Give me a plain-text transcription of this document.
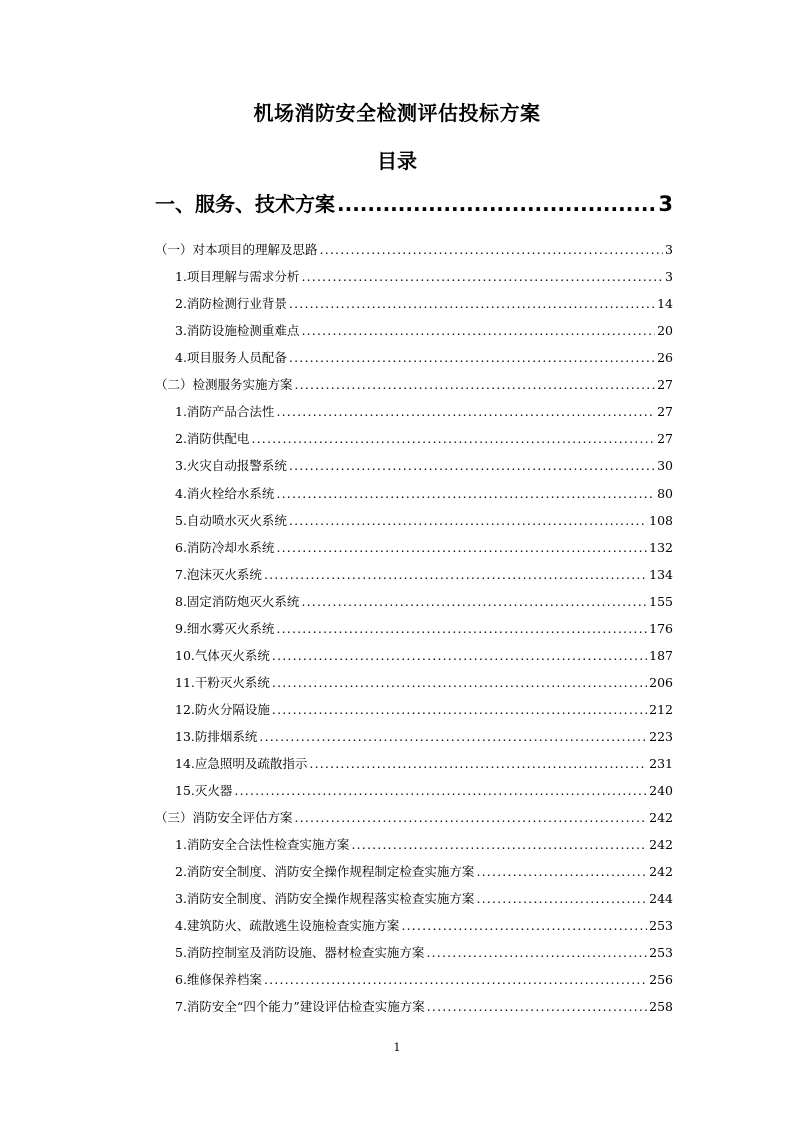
机场消防安全检测评估投标方案
目录
一、服务、技术方案 .....	3
（一）对本项目的理解及思路 .....	3
1.项目理解与需求分析 .....	3
2.消防检测行业背景 .....	14
3.消防设施检测重难点 .....	20
4.项目服务人员配备 .....	26
（二）检测服务实施方案 .....	27
1.消防产品合法性 .....	27
2.消防供配电 .....	27
3.火灾自动报警系统 .....	30
4.消火栓给水系统 .....	80
5.自动喷水灭火系统 .....	108
6.消防冷却水系统 .....	132
7.泡沫灭火系统 .....	134
8.固定消防炮灭火系统 .....	155
9.细水雾灭火系统 .....	176
10.气体灭火系统 .....	187
11.干粉灭火系统 .....	206
12.防火分隔设施 .....	212
13.防排烟系统 .....	223
14.应急照明及疏散指示 .....	231
15.灭火器 .....	240
（三）消防安全评估方案 .....	242
1.消防安全合法性检查实施方案 .....	242
2.消防安全制度、消防安全操作规程制定检查实施方案 .....	242
3.消防安全制度、消防安全操作规程落实检查实施方案 .....	244
4.建筑防火、疏散逃生设施检查实施方案 .....	253
5.消防控制室及消防设施、器材检查实施方案 .....	253
6.维修保养档案 .....	256
7.消防安全“四个能力”建设评估检查实施方案 .....	258
1
